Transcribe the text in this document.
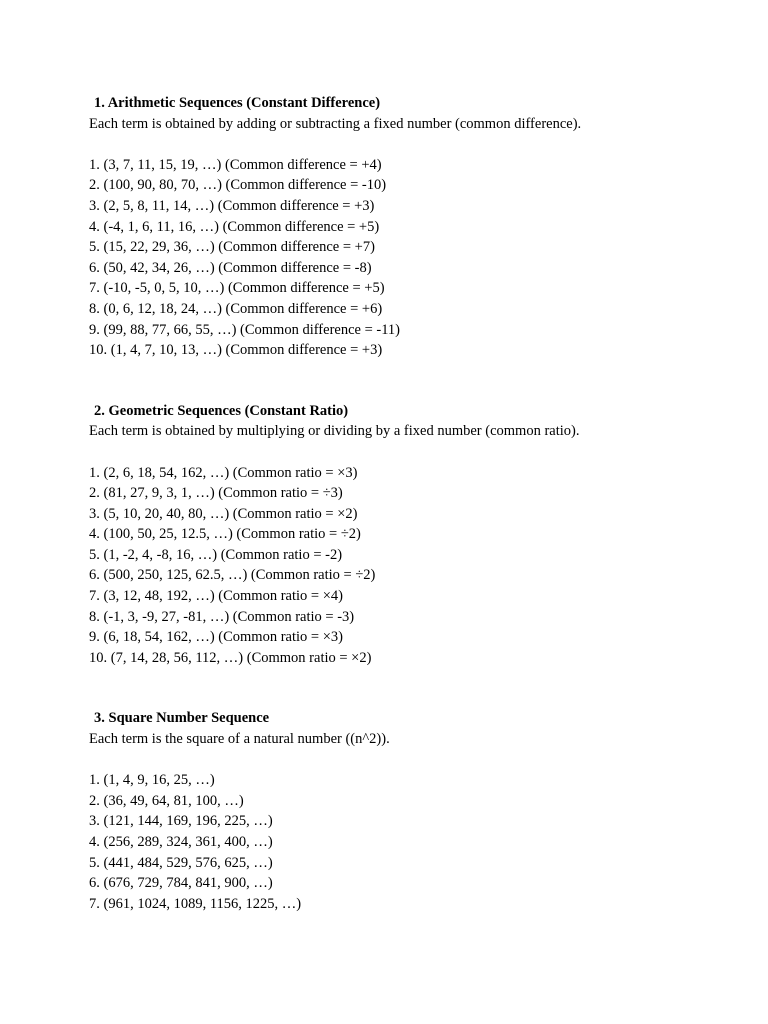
1. Arithmetic Sequences (Constant Difference)
Each term is obtained by adding or subtracting a fixed number (common difference).
1. (3, 7, 11, 15, 19, …) (Common difference = +4)
2. (100, 90, 80, 70, …) (Common difference = -10)
3. (2, 5, 8, 11, 14, …) (Common difference = +3)
4. (-4, 1, 6, 11, 16, …) (Common difference = +5)
5. (15, 22, 29, 36, …) (Common difference = +7)
6. (50, 42, 34, 26, …) (Common difference = -8)
7. (-10, -5, 0, 5, 10, …) (Common difference = +5)
8. (0, 6, 12, 18, 24, …) (Common difference = +6)
9. (99, 88, 77, 66, 55, …) (Common difference = -11)
10. (1, 4, 7, 10, 13, …) (Common difference = +3)
2. Geometric Sequences (Constant Ratio)
Each term is obtained by multiplying or dividing by a fixed number (common ratio).
1. (2, 6, 18, 54, 162, …) (Common ratio = ×3)
2. (81, 27, 9, 3, 1, …) (Common ratio = ÷3)
3. (5, 10, 20, 40, 80, …) (Common ratio = ×2)
4. (100, 50, 25, 12.5, …) (Common ratio = ÷2)
5. (1, -2, 4, -8, 16, …) (Common ratio = -2)
6. (500, 250, 125, 62.5, …) (Common ratio = ÷2)
7. (3, 12, 48, 192, …) (Common ratio = ×4)
8. (-1, 3, -9, 27, -81, …) (Common ratio = -3)
9. (6, 18, 54, 162, …) (Common ratio = ×3)
10. (7, 14, 28, 56, 112, …) (Common ratio = ×2)
3. Square Number Sequence
Each term is the square of a natural number ((n^2)).
1. (1, 4, 9, 16, 25, …)
2. (36, 49, 64, 81, 100, …)
3. (121, 144, 169, 196, 225, …)
4. (256, 289, 324, 361, 400, …)
5. (441, 484, 529, 576, 625, …)
6. (676, 729, 784, 841, 900, …)
7. (961, 1024, 1089, 1156, 1225, …)
